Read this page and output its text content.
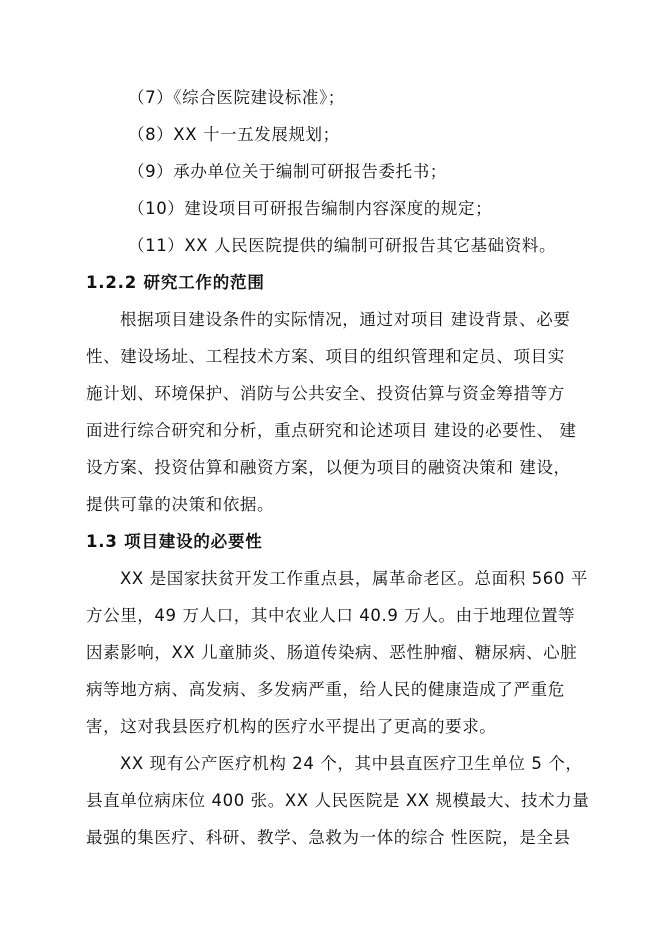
（7）《综合医院建设标准》；
（8）XX 十一五发展规划；
（9）承办单位关于编制可研报告委托书；
（10）建设项目可研报告编制内容深度的规定；
（11）XX 人民医院提供的编制可研报告其它基础资料。
1.2.2 研究工作的范围
根据项目建设条件的实际情况，通过对项目 建设背景、必要
性、建设场址、工程技术方案、项目的组织管理和定员、项目实
施计划、环境保护、消防与公共安全、投资估算与资金筹措等方
面进行综合研究和分析，重点研究和论述项目 建设的必要性、 建
设方案、投资估算和融资方案，以便为项目的融资决策和 建设，
提供可靠的决策和依据。
1.3 项目建设的必要性
XX 是国家扶贫开发工作重点县，属革命老区。总面积 560 平
方公里，49 万人口，其中农业人口 40.9 万人。由于地理位置等
因素影响，XX 儿童肺炎、肠道传染病、恶性肿瘤、糖尿病、心脏
病等地方病、高发病、多发病严重，给人民的健康造成了严重危
害，这对我县医疗机构的医疗水平提出了更高的要求。
XX 现有公产医疗机构 24 个，其中县直医疗卫生单位 5 个，
县直单位病床位 400 张。XX 人民医院是 XX 规模最大、技术力量
最强的集医疗、科研、教学、急救为一体的综合 性医院，是全县
